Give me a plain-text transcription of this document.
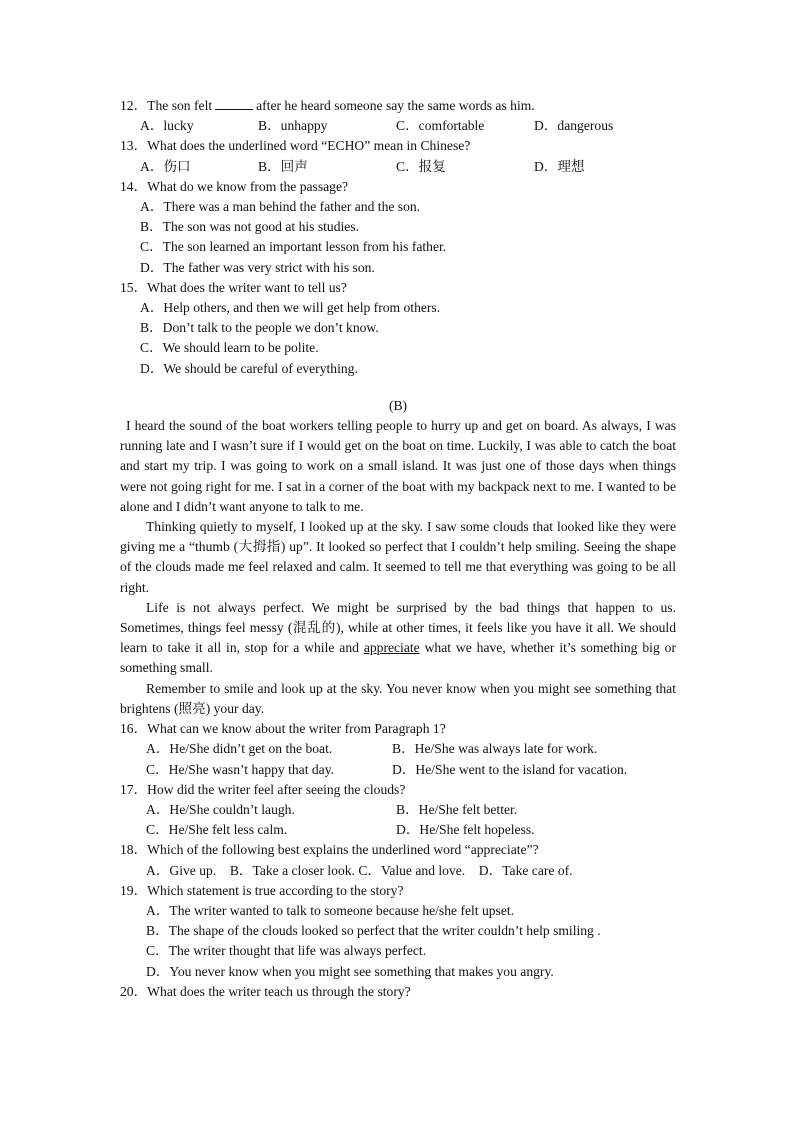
12．The son felt	after he heard someone say the same words as him.
A．lucky	B．unhappy	C．comfortable	D．dangerous
13．What does the underlined word “ECHO” mean in Chinese?
A．伤口	B．回声	C．报复	D．理想
14．What do we know from the passage?
A．There was a man behind the father and the son.
B．The son was not good at his studies.
C．The son learned an important lesson from his father.
D．The father was very strict with his son.
15．What does the writer want to tell us?
A．Help others, and then we will get help from others.
B．Don’t talk to the people we don’t know.
C．We should learn to be polite.
D．We should be careful of everything.
(B)
I heard the sound of the boat workers telling people to hurry up and get on board. As always, I was running late and I wasn’t sure if I would get on the boat on time. Luckily, I was able to catch the boat and start my trip. I was going to work on a small island. It was just one of those days when things were not going right for me. I sat in a corner of the boat with my backpack next to me. I wanted to be alone and I didn’t want anyone to talk to me.
Thinking quietly to myself, I looked up at the sky. I saw some clouds that looked like they were giving me a “thumb (大拇指) up”. It looked so perfect that I couldn’t help smiling. Seeing the shape of the clouds made me feel relaxed and calm. It seemed to tell me that everything was going to be all right.
Life is not always perfect. We might be surprised by the bad things that happen to us. Sometimes, things feel messy (混乱的), while at other times, it feels like you have it all. We should learn to take it all in, stop for a while and appreciate what we have, whether it’s something big or something small.
Remember to smile and look up at the sky. You never know when you might see something that brightens (照亮) your day.
16．What can we know about the writer from Paragraph 1?
A．He/She didn’t get on the boat.	B．He/She was always late for work.
C．He/She wasn’t happy that day.	D．He/She went to the island for vacation.
17．How did the writer feel after seeing the clouds?
A．He/She couldn’t laugh.	B．He/She felt better.
C．He/She felt less calm.	D．He/She felt hopeless.
18．Which of the following best explains the underlined word “appreciate”?
A．Give up.　B．Take a closer look. C．Value and love.　D．Take care of.
19．Which statement is true according to the story?
A．The writer wanted to talk to someone because he/she felt upset.
B．The shape of the clouds looked so perfect that the writer couldn’t help smiling .
C．The writer thought that life was always perfect.
D．You never know when you might see something that makes you angry.
20．What does the writer teach us through the story?
